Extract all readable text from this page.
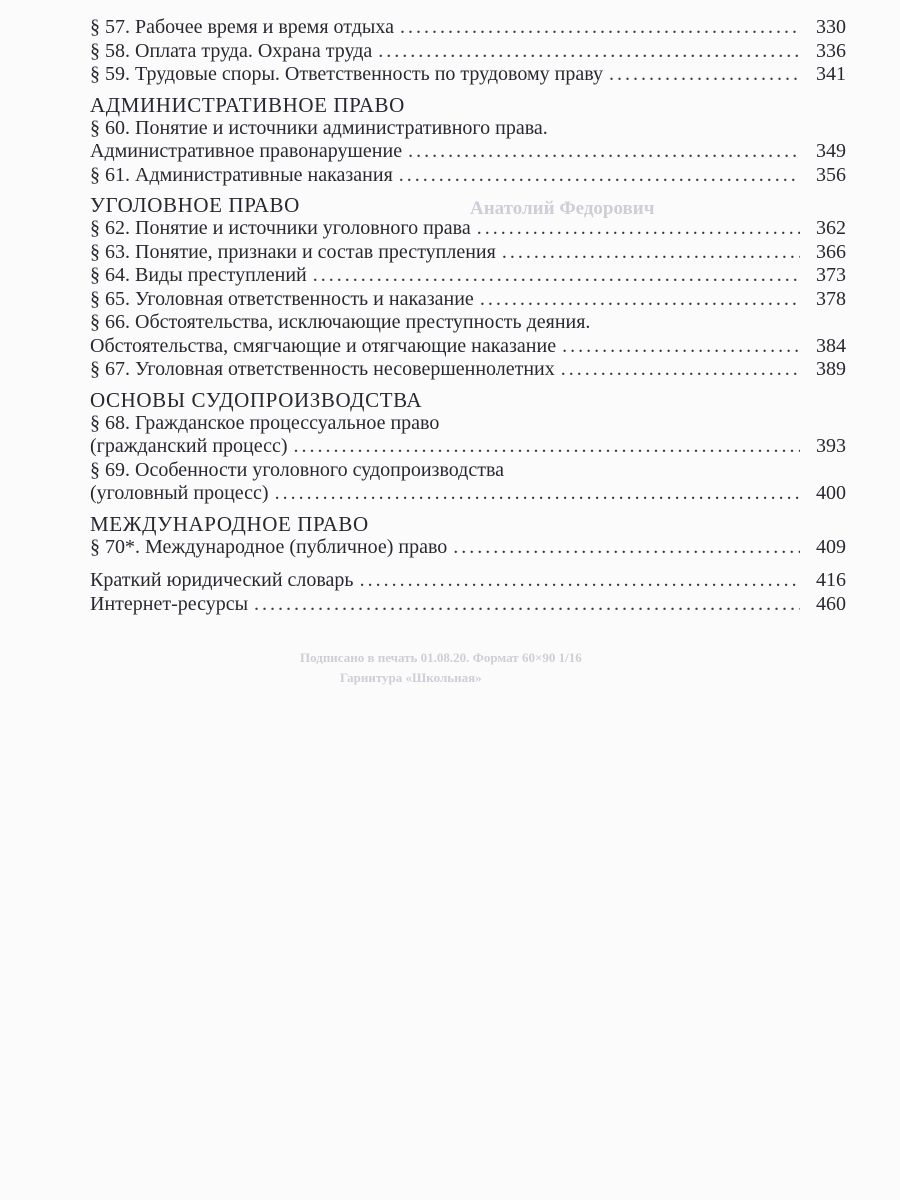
Анатолий Федорович
Подписано в печать 01.08.20. Формат 60×90 1/16
Гарнитура «Школьная»
§ 57. Рабочее время и время отдыха .....	330
§ 58. Оплата труда. Охрана труда .....	336
§ 59. Трудовые споры. Ответственность по трудовому праву .....	341
АДМИНИСТРАТИВНОЕ ПРАВО
§ 60. Понятие и источники административного права.
Административное правонарушение .....	349
§ 61. Административные наказания .....	356
УГОЛОВНОЕ ПРАВО
§ 62. Понятие и источники уголовного права .....	362
§ 63. Понятие, признаки и состав преступления .....	366
§ 64. Виды преступлений .....	373
§ 65. Уголовная ответственность и наказание .....	378
§ 66. Обстоятельства, исключающие преступность деяния.
Обстоятельства, смягчающие и отягчающие наказание .....	384
§ 67. Уголовная ответственность несовершеннолетних .....	389
ОСНОВЫ СУДОПРОИЗВОДСТВА
§ 68. Гражданское процессуальное право
(гражданский процесс) .....	393
§ 69. Особенности уголовного судопроизводства
(уголовный процесс) .....	400
МЕЖДУНАРОДНОЕ ПРАВО
§ 70*. Международное (публичное) право .....	409
Краткий юридический словарь .....	416
Интернет-ресурсы .....	460
